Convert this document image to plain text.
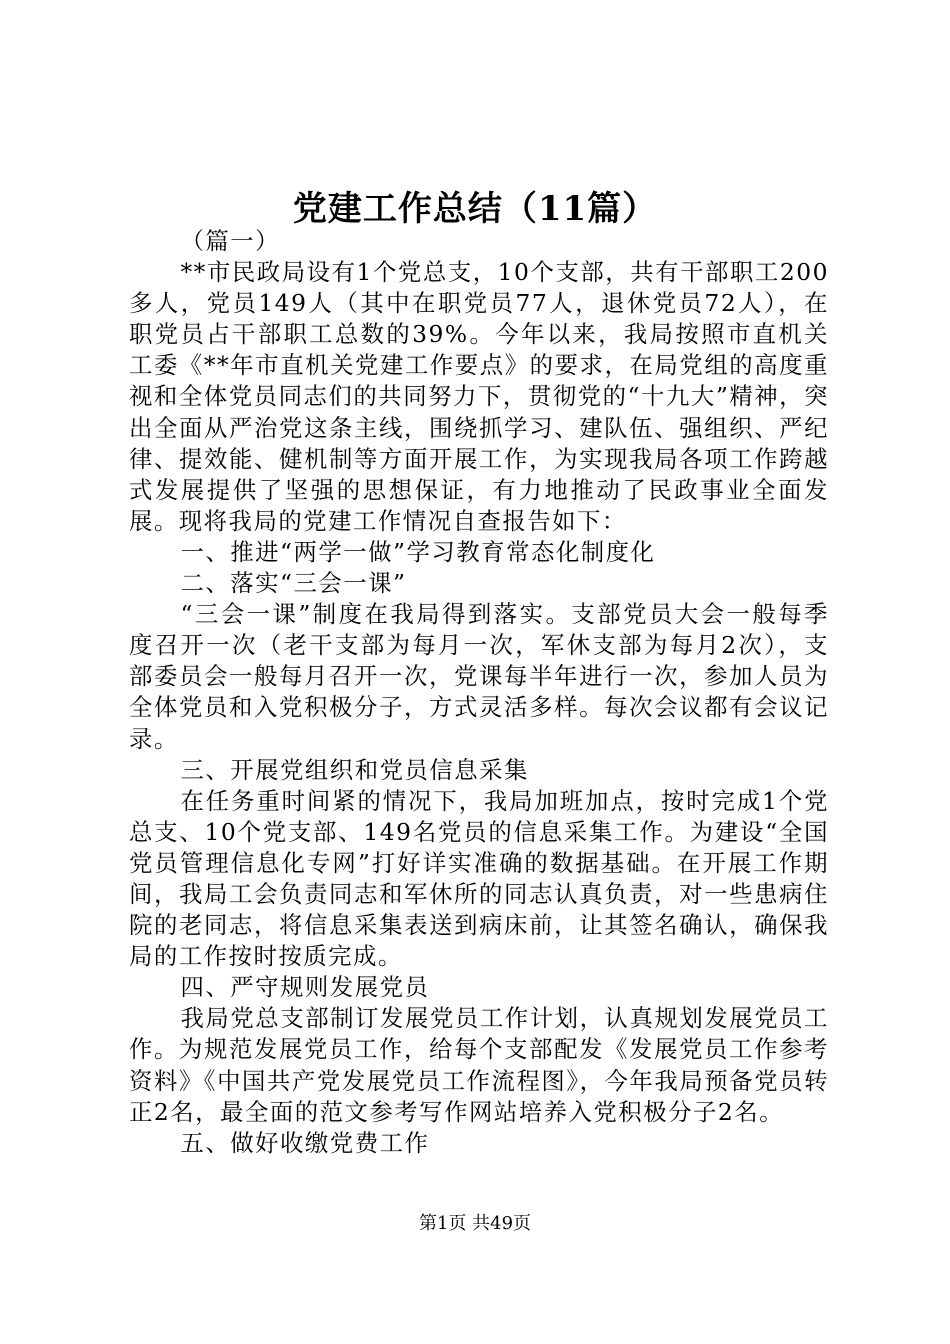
党建工作总结（11篇）

（篇一）

**市民政局设有1个党总支，10个支部，共有干部职工200多人，党员149人（其中在职党员77人，退休党员72人），在职党员占干部职工总数的39%。今年以来，我局按照市直机关工委《**年市直机关党建工作要点》的要求，在局党组的高度重视和全体党员同志们的共同努力下，贯彻党的“十九大”精神，突出全面从严治党这条主线，围绕抓学习、建队伍、强组织、严纪律、提效能、健机制等方面开展工作，为实现我局各项工作跨越式发展提供了坚强的思想保证，有力地推动了民政事业全面发展。现将我局的党建工作情况自查报告如下：

一、推进“两学一做”学习教育常态化制度化

二、落实“三会一课”

“三会一课”制度在我局得到落实。支部党员大会一般每季度召开一次（老干支部为每月一次，军休支部为每月2次），支部委员会一般每月召开一次，党课每半年进行一次，参加人员为全体党员和入党积极分子，方式灵活多样。每次会议都有会议记录。

三、开展党组织和党员信息采集

在任务重时间紧的情况下，我局加班加点，按时完成1个党总支、10个党支部、149名党员的信息采集工作。为建设“全国党员管理信息化专网”打好详实准确的数据基础。在开展工作期间，我局工会负责同志和军休所的同志认真负责，对一些患病住院的老同志，将信息采集表送到病床前，让其签名确认，确保我局的工作按时按质完成。

四、严守规则发展党员

我局党总支部制订发展党员工作计划，认真规划发展党员工作。为规范发展党员工作，给每个支部配发《发展党员工作参考资料》《中国共产党发展党员工作流程图》，今年我局预备党员转正2名，最全面的范文参考写作网站培养入党积极分子2名。

五、做好收缴党费工作

第1页 共49页
